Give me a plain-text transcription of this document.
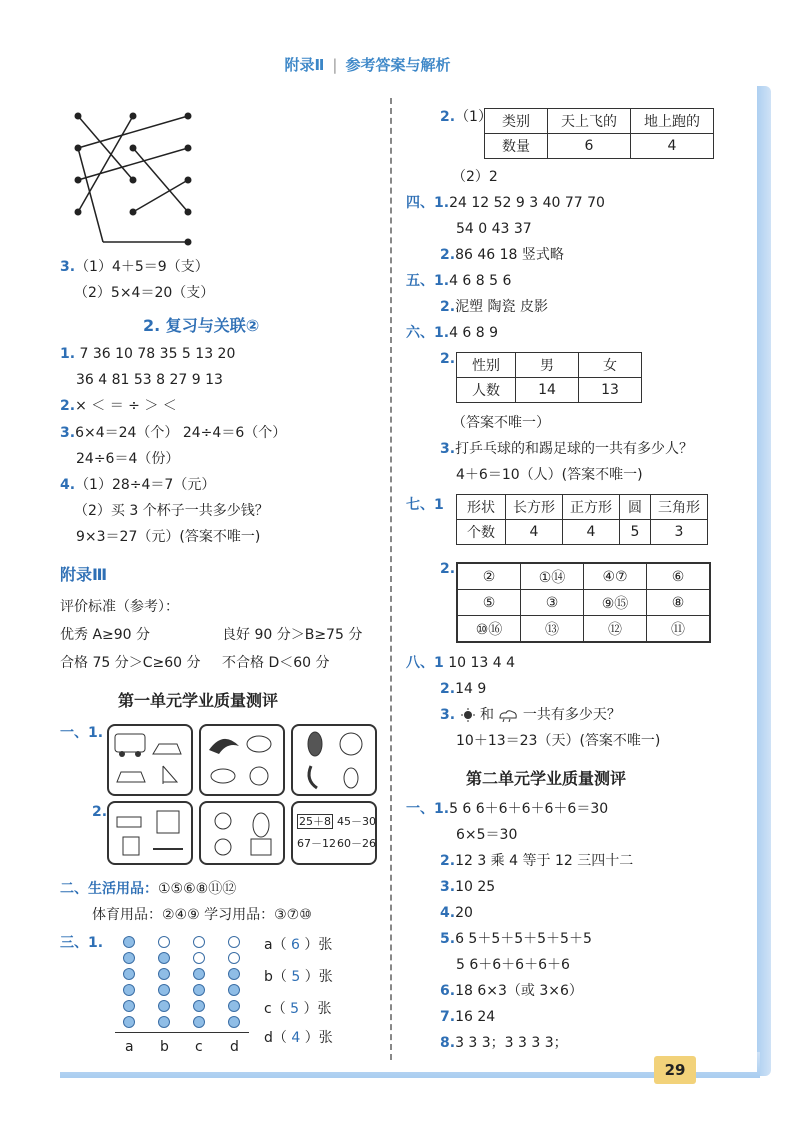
29
附录Ⅱ | 参考答案与解析
3.（1）4＋5＝9（支）
（2）5×4＝20（支）
2. 复习与关联②
1. 7 36 10 78 35 5 13 20
36 4 81 53 8 27 9 13
2.× ＜ ＝ ÷ ＞ ＜
3.6×4＝24（个） 24÷4＝6（个）
24÷6＝4（份）
4.（1）28÷4＝7（元）
（2）买 3 个杯子一共多少钱？
9×3＝27（元）(答案不唯一)
附录Ⅲ
评价标准（参考）：
优秀 A≥90 分	良好 90 分＞B≥75 分
合格 75 分＞C≥60 分 不合格 D＜60 分
第一单元学业质量测评
一、1.
2.
25＋8 45－30
67－12 60－26
二、生活用品：①⑤⑥⑧⑪⑫
体育用品：②④⑨ 学习用品：③⑦⑩
三、1.
a b c d
a（ 6 ）张
b（ 5 ）张
c（ 5 ）张
d（ 4 ）张
2.（1） 类别	天上飞的	地上跑的
数量	6	4
（2）2
四、1.24 12 52 9 3 40 77 70
54 0 43 37
2.86 46 18 竖式略
五、1.4 6 8 5 6
2.泥塑 陶瓷 皮影
六、1.4 6 8 9
2. 性别	男	女
人数	14	13
（答案不唯一）
3.打乒乓球的和踢足球的一共有多少人？
4＋6＝10（人）(答案不唯一)
七、1 形状	长方形	正方形	圆	三角形
个数	4	4	5	3
2. ②	①⑭	④⑦	⑥
⑤	③	⑨⑮	⑧
⑩⑯	⑬	⑫	⑪
八、1 10 13 4 4
2.14 9
3. 和 一共有多少天？
10＋13＝23（天）(答案不唯一)
第二单元学业质量测评
一、1.5 6 6＋6＋6＋6＋6＝30
6×5＝30
2.12 3 乘 4 等于 12 三四十二
3.10 25
4.20
5.6 5＋5＋5＋5＋5＋5
5 6＋6＋6＋6＋6
6.18 6×3（或 3×6）
7.16 24
8.3 3 3；3 3 3 3；
